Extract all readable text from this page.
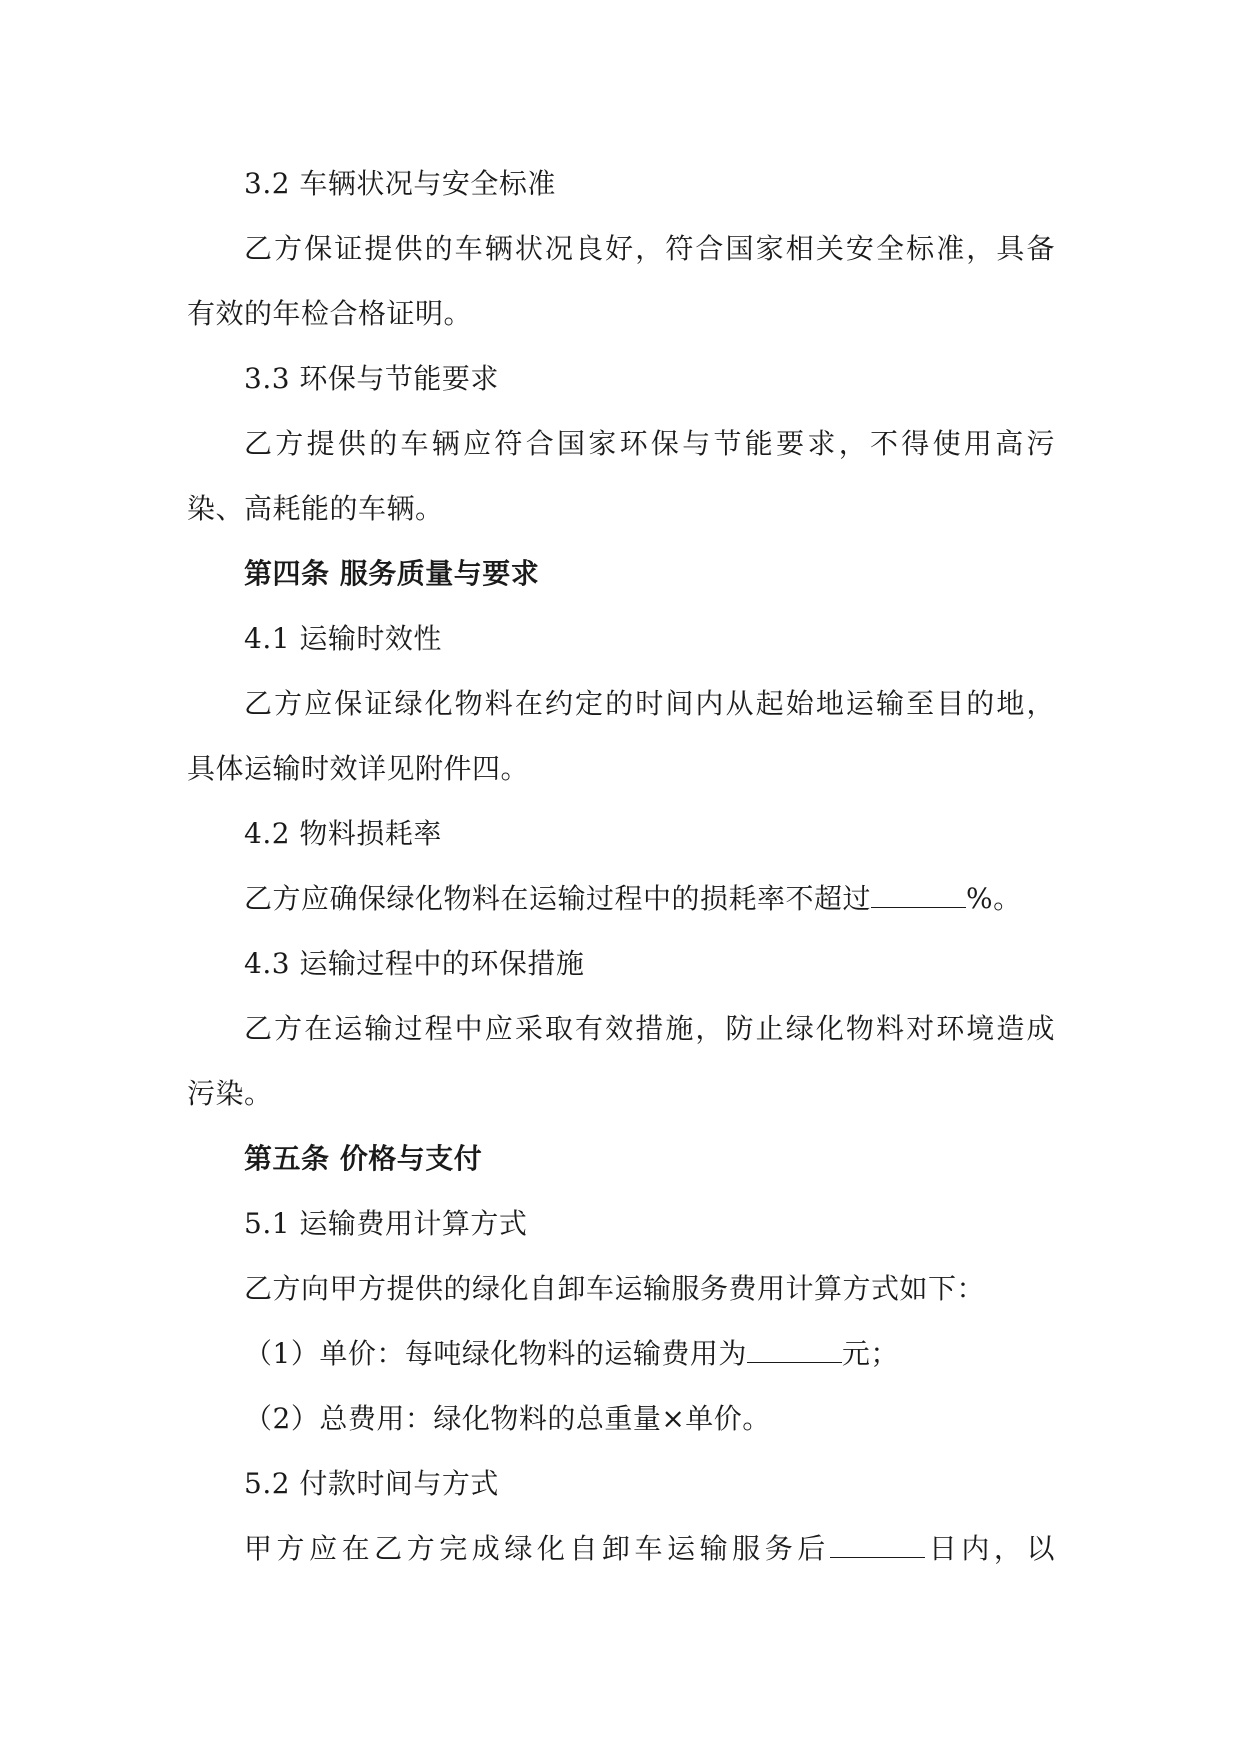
3.2 车辆状况与安全标准
乙方保证提供的车辆状况良好，符合国家相关安全标准，具备
有效的年检合格证明。
3.3 环保与节能要求
乙方提供的车辆应符合国家环保与节能要求，不得使用高污
染、高耗能的车辆。
第四条 服务质量与要求
4.1 运输时效性
乙方应保证绿化物料在约定的时间内从起始地运输至目的地，
具体运输时效详见附件四。
4.2 物料损耗率
乙方应确保绿化物料在运输过程中的损耗率不超过	%。
4.3 运输过程中的环保措施
乙方在运输过程中应采取有效措施，防止绿化物料对环境造成
污染。
第五条 价格与支付
5.1 运输费用计算方式
乙方向甲方提供的绿化自卸车运输服务费用计算方式如下：
（1）单价：每吨绿化物料的运输费用为	元；
（2）总费用：绿化物料的总重量×单价。
5.2 付款时间与方式
甲方应在乙方完成绿化自卸车运输服务后	日内，以
